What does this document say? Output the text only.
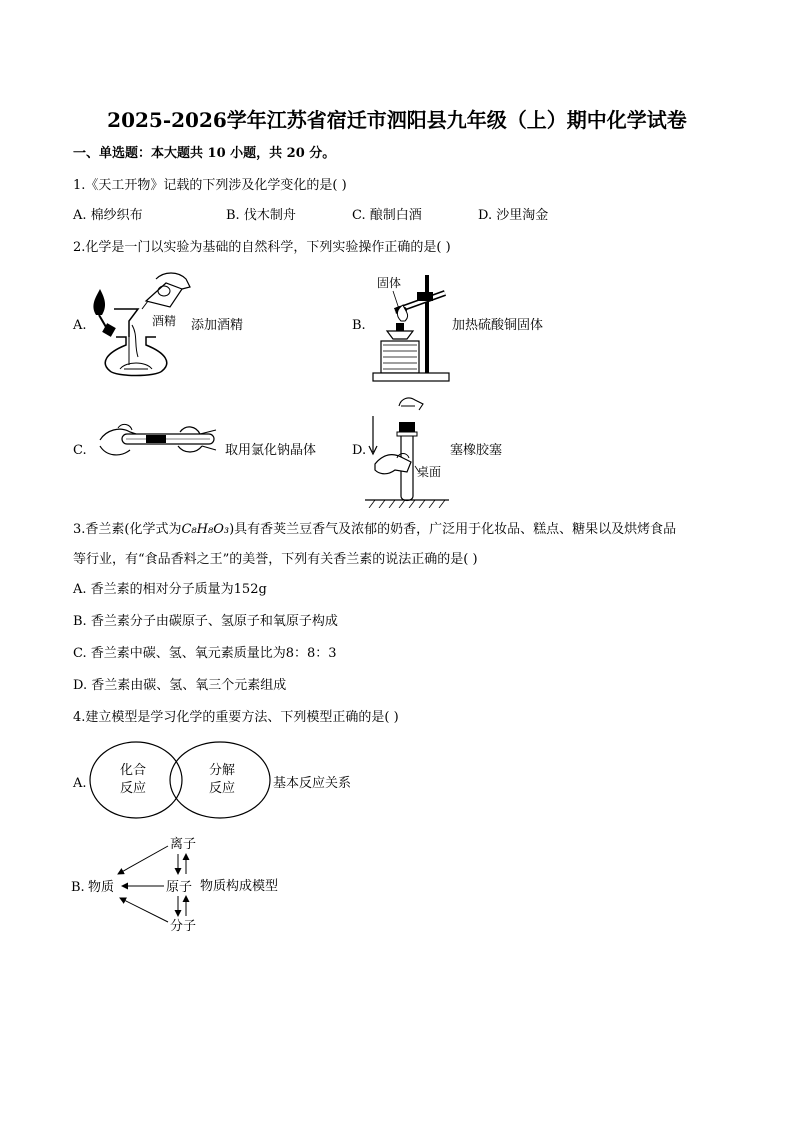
2025-2026学年江苏省宿迁市泗阳县九年级（上）期中化学试卷
一、单选题：本大题共 10 小题，共 20 分。
1.《天工开物》记载的下列涉及化学变化的是( )
A. 棉纱织布	B. 伐木制舟	C. 酿制白酒	D. 沙里淘金
2.化学是一门以实验为基础的自然科学，下列实验操作正确的是( )
A.	酒精 添加酒精	B.
固体
加热硫酸铜固体
C.	取用氯化钠晶体	D.
桌面
塞橡胶塞
3.香兰素(化学式为C₈H₈O₃)具有香荚兰豆香气及浓郁的奶香，广泛用于化妆品、糕点、糖果以及烘烤食品
等行业，有“食品香料之王”的美誉，下列有关香兰素的说法正确的是( )
A. 香兰素的相对分子质量为152g
B. 香兰素分子由碳原子、氢原子和氧原子构成
C. 香兰素中碳、氢、氧元素质量比为8：8：3
D. 香兰素由碳、氢、氧三个元素组成
4.建立模型是学习化学的重要方法、下列模型正确的是( )
A.
化合
反应
分解
反应	基本反应关系
B. 物质
离子
原子
分子
物质构成模型
